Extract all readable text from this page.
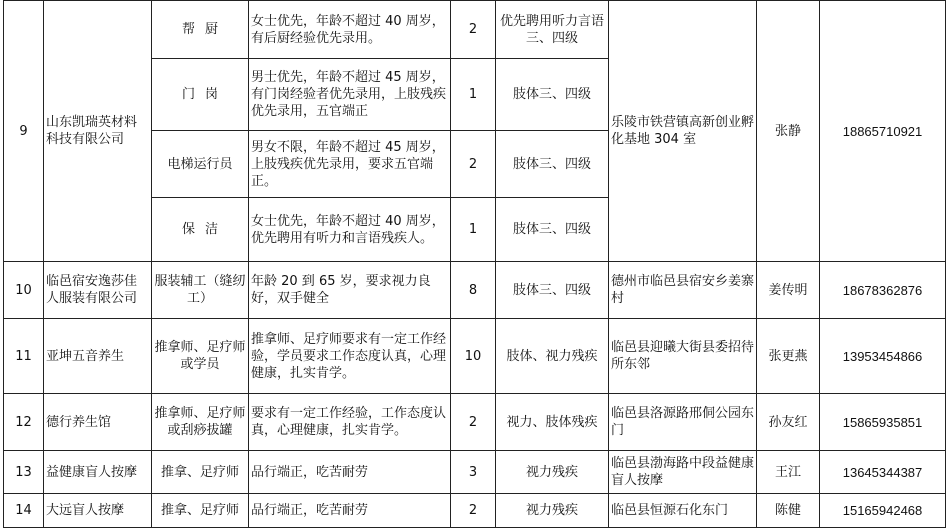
9	山东凯瑞英材料科技有限公司	帮厨	女士优先，年龄不超过 40 周岁，有后厨经验优先录用。	2	优先聘用听力言语三、四级	乐陵市铁营镇高新创业孵化基地 304 室	张静	18865710921
		门岗	男士优先，年龄不超过 45 周岁，有门岗经验者优先录用，上肢残疾优先录用，五官端正	1	肢体三、四级			
		电梯运行员	男女不限，年龄不超过 45 周岁，上肢残疾优先录用，要求五官端正。	2	肢体三、四级			
		保洁	女士优先，年龄不超过 40 周岁，优先聘用有听力和言语残疾人。	1	肢体三、四级			
10	临邑宿安逸莎佳人服装有限公司	服装辅工（缝纫工）	年龄 20 到 65 岁，要求视力良好，双手健全	8	肢体三、四级	德州市临邑县宿安乡姜寨村	姜传明	18678362876
11	亚坤五音养生	推拿师、足疗师或学员	推拿师、足疗师要求有一定工作经验，学员要求工作态度认真，心理健康，扎实肯学。	10	肢体、视力残疾	临邑县迎曦大街县委招待所东邻	张更燕	13953454866
12	德行养生馆	推拿师、足疗师或刮痧拔罐	要求有一定工作经验，工作态度认真，心理健康，扎实肯学。	2	视力、肢体残疾	临邑县洛源路邢侗公园东门	孙友红	15865935851
13	益健康盲人按摩	推拿、足疗师	品行端正，吃苦耐劳	3	视力残疾	临邑县渤海路中段益健康盲人按摩	王江	13645344387
14	大远盲人按摩	推拿、足疗师	品行端正，吃苦耐劳	2	视力残疾	临邑县恒源石化东门	陈健	15165942468
